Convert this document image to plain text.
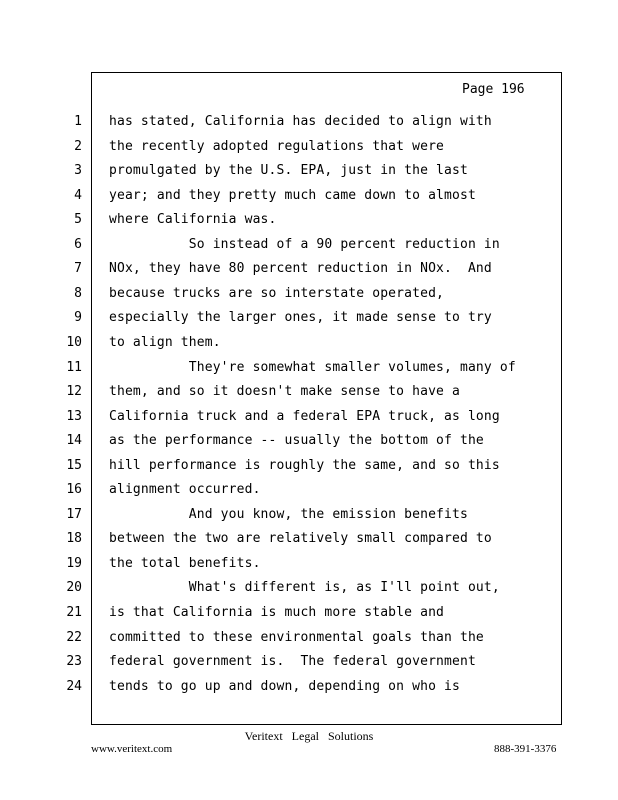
Page 196
1 has stated, California has decided to align with
2 the recently adopted regulations that were
3 promulgated by the U.S. EPA, just in the last
4 year; and they pretty much came down to almost
5 where California was.
6 So instead of a 90 percent reduction in
7 NOx, they have 80 percent reduction in NOx.  And
8 because trucks are so interstate operated,
9 especially the larger ones, it made sense to try
10 to align them.
11 They're somewhat smaller volumes, many of
12 them, and so it doesn't make sense to have a
13 California truck and a federal EPA truck, as long
14 as the performance -- usually the bottom of the
15 hill performance is roughly the same, and so this
16 alignment occurred.
17 And you know, the emission benefits
18 between the two are relatively small compared to
19 the total benefits.
20 What's different is, as I'll point out,
21 is that California is much more stable and
22 committed to these environmental goals than the
23 federal government is.  The federal government
24 tends to go up and down, depending on who is
Veritext   Legal   Solutions
www.veritext.com	888-391-3376
